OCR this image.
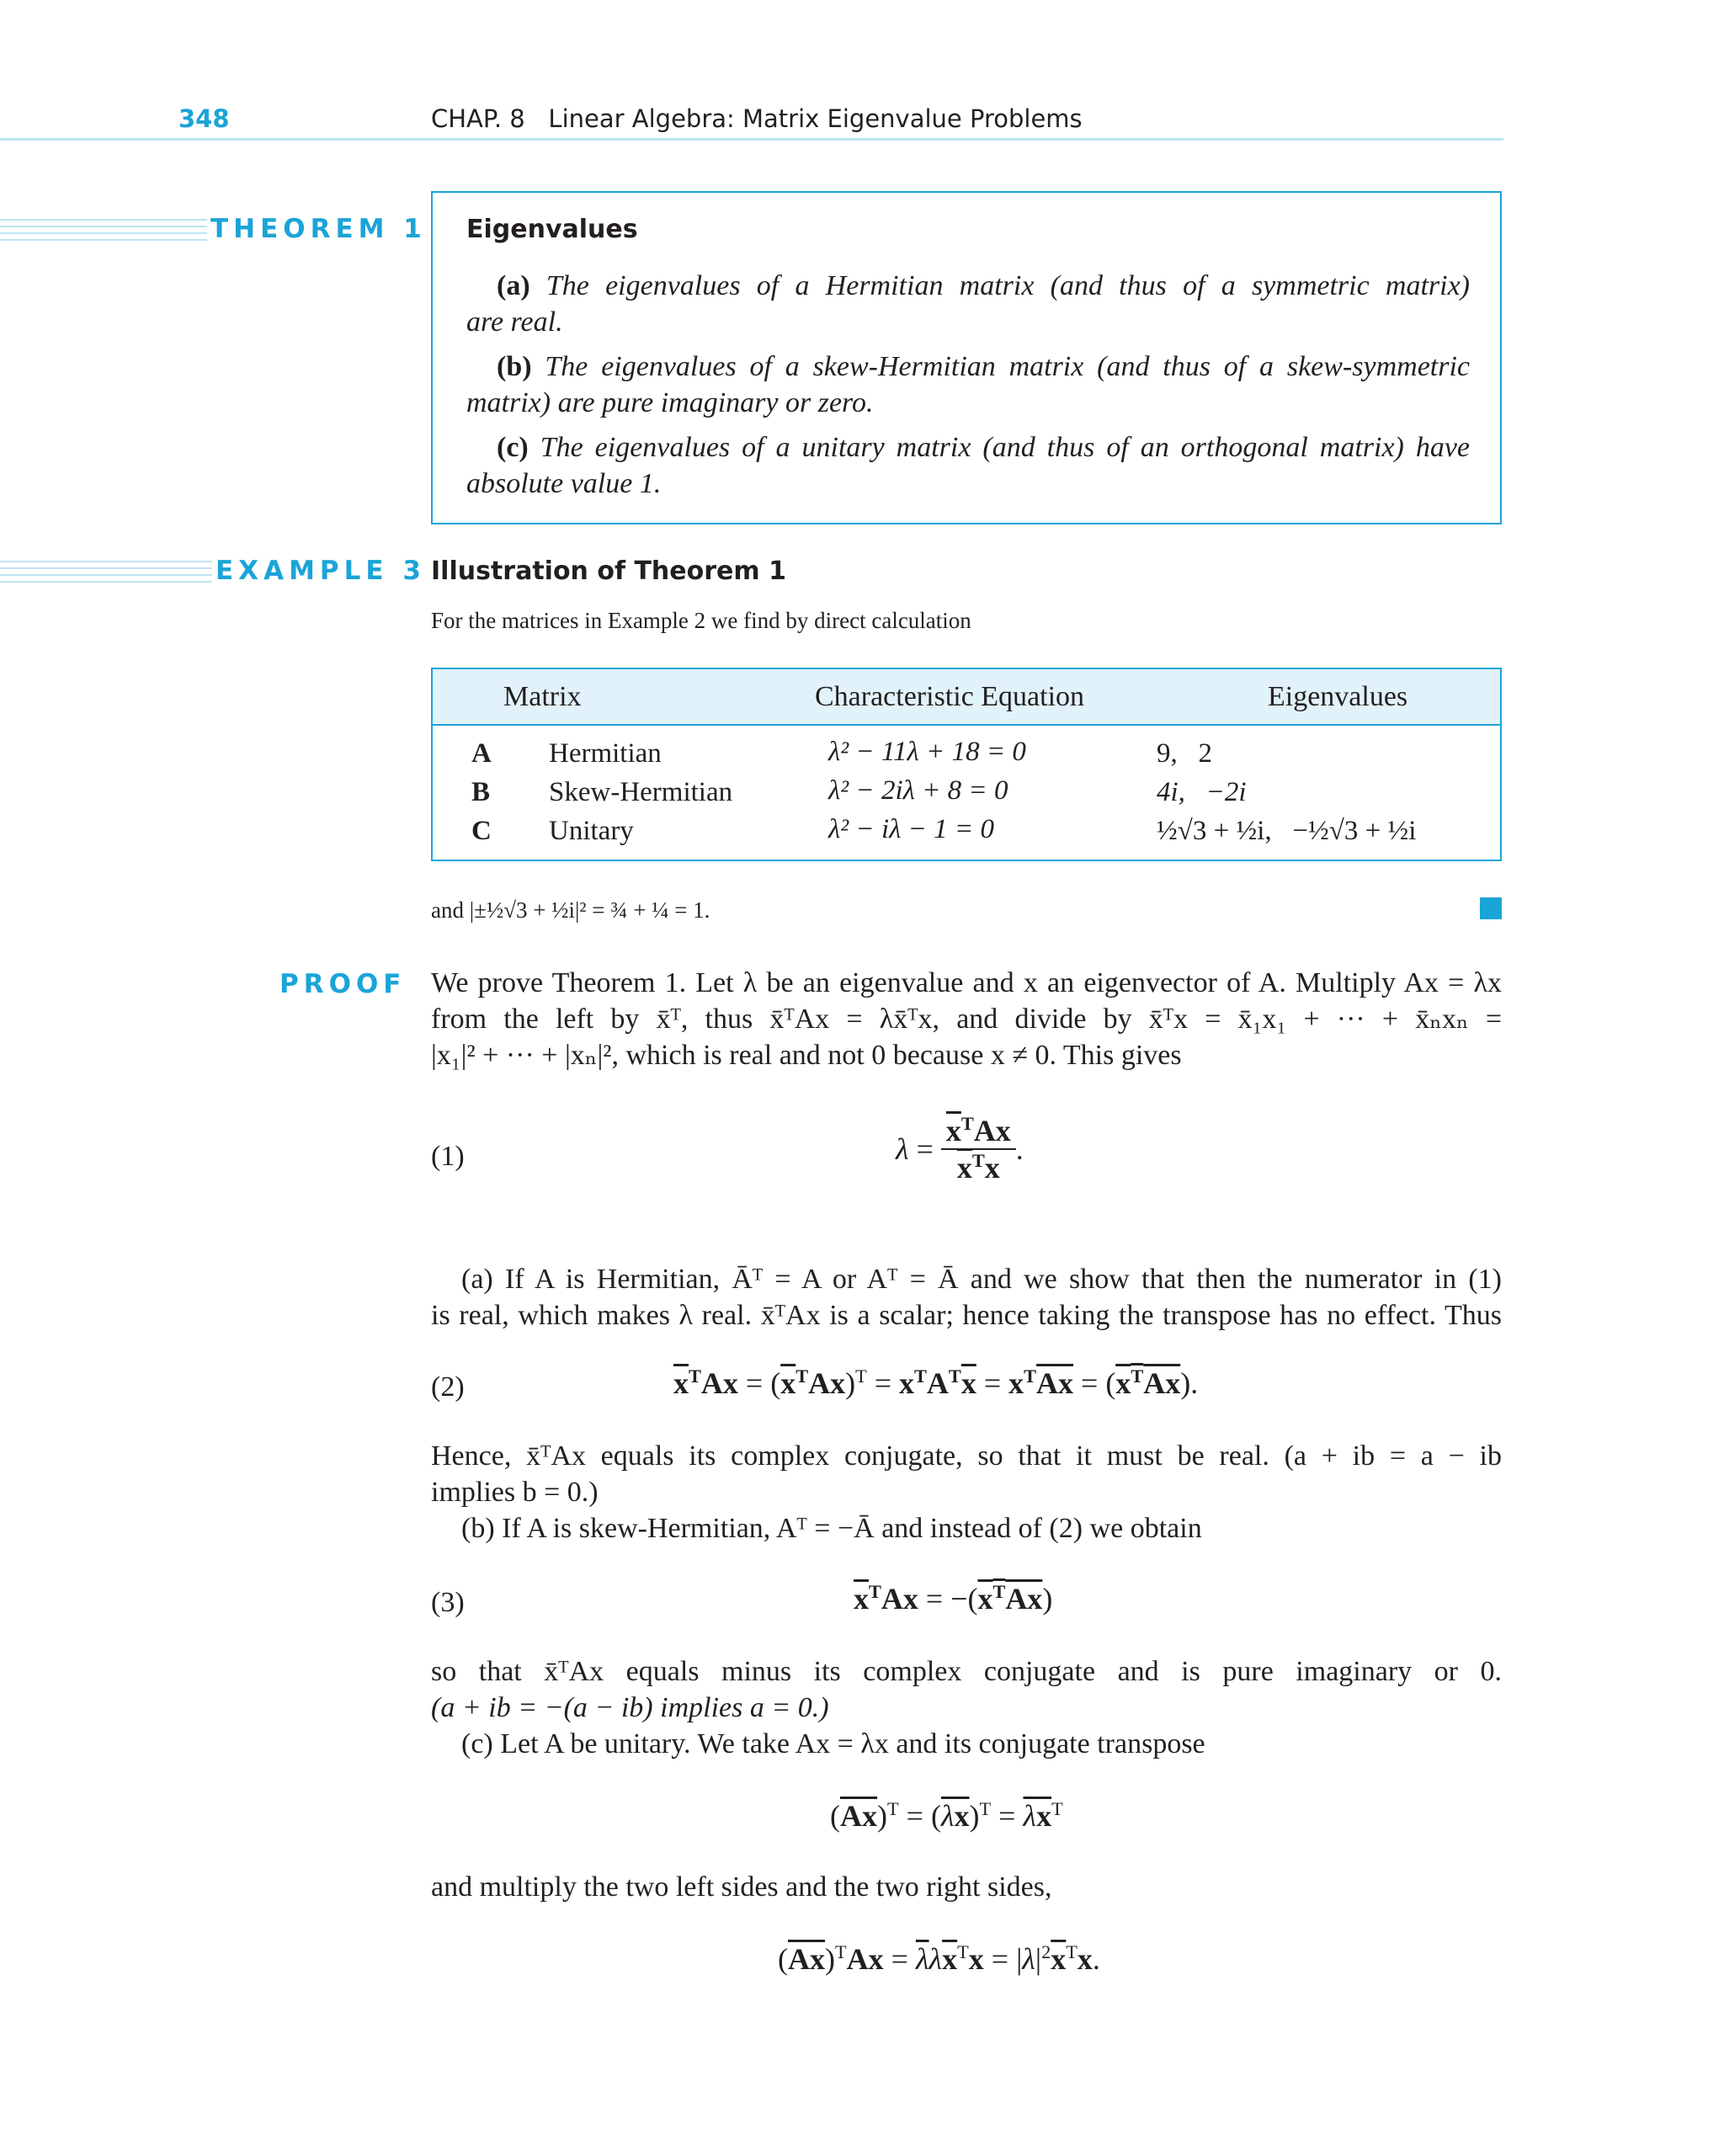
348	CHAP. 8 Linear Algebra: Matrix Eigenvalue Problems
THEOREM 1 Eigenvalues
(a) The eigenvalues of a Hermitian matrix (and thus of a symmetric matrix)
are real.
(b) The eigenvalues of a skew-Hermitian matrix (and thus of a skew-symmetric
matrix) are pure imaginary or zero.
(c) The eigenvalues of a unitary matrix (and thus of an orthogonal matrix) have
absolute value 1.
EXAMPLE 3 Illustration of Theorem 1
For the matrices in Example 2 we find by direct calculation
Matrix	Characteristic Equation	Eigenvalues
A Hermitian	λ² − 11λ + 18 = 0	9,   2
B Skew-Hermitian	λ² − 2iλ + 8 = 0	4i,   −2i
C Unitary	λ² − iλ − 1 = 0	½√3 + ½i,   −½√3 + ½i
and |±½√3 + ½i|² = ¾ + ¼ = 1.
PROOF We prove Theorem 1. Let λ be an eigenvalue and x an eigenvector of A. Multiply Ax = λx
from the left by x̄ᵀ, thus x̄ᵀAx = λx̄ᵀx, and divide by x̄ᵀx = x̄₁x₁ + ··· + x̄ₙxₙ =
|x₁|² + ··· + |xₙ|², which is real and not 0 because x ≠ 0. This gives
(1)	λ =
$\overline{x}^TAx$
$\overline{x}^Tx$
.
(a) If A is Hermitian, Āᵀ = A or Aᵀ = Ā and we show that then the numerator in (1)
is real, which makes λ real. x̄ᵀAx is a scalar; hence taking the transpose has no effect. Thus
(2)	$\overline{x}^TAx = (\overline{x}^TAx)^T = x^TA^T\overline{x} = x^T\overline{Ax} = (x^TAx)$.
Hence, x̄ᵀAx equals its complex conjugate, so that it must be real. (a + ib = a − ib
implies b = 0.)
(b) If A is skew-Hermitian, Aᵀ = −Ā and instead of (2) we obtain
(3)	$\overline{x}^TAx = -(x^TAx)$
so that x̄ᵀAx equals minus its complex conjugate and is pure imaginary or 0.
(a + ib = −(a − ib) implies a = 0.)
(c) Let A be unitary. We take Ax = λx and its conjugate transpose
$(\overline{Ax})^T = (\lambda x)^T = \overline{\lambda}\overline{x}^T$
and multiply the two left sides and the two right sides,
$(\overline{Ax})^TAx = \overline{\lambda}\lambda\overline{x}^Tx = |\lambda|^2\overline{x}^Tx$.
